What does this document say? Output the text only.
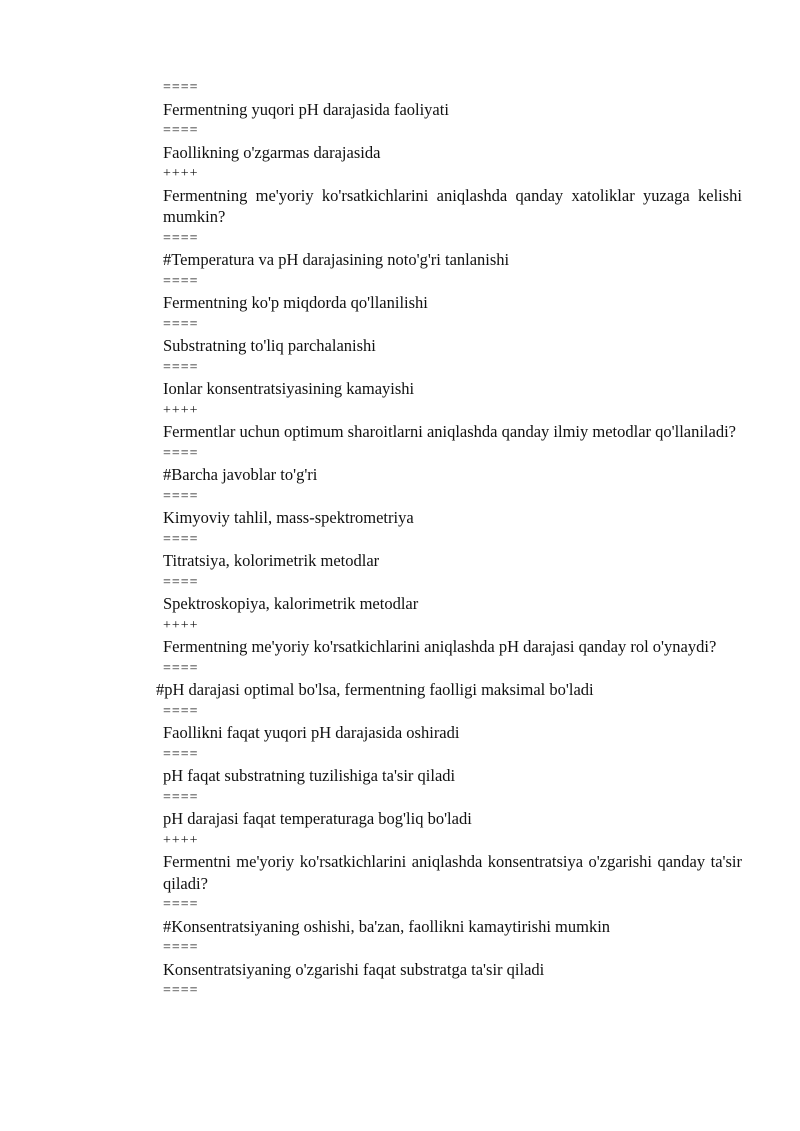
====
Fermentning yuqori pH darajasida faoliyati
====
Faollikning o'zgarmas darajasida
++++
Fermentning me'yoriy ko'rsatkichlarini aniqlashda qanday xatoliklar yuzaga kelishi mumkin?
====
#Temperatura va pH darajasining noto'g'ri tanlanishi
====
Fermentning ko'p miqdorda qo'llanilishi
====
Substratning to'liq parchalanishi
====
Ionlar konsentratsiyasining kamayishi
++++
Fermentlar uchun optimum sharoitlarni aniqlashda qanday ilmiy metodlar qo'llaniladi?
====
#Barcha javoblar to'g'ri
====
Kimyoviy tahlil, mass-spektrometriya
====
Titratsiya, kolorimetrik metodlar
====
Spektroskopiya, kalorimetrik metodlar
++++
Fermentning me'yoriy ko'rsatkichlarini aniqlashda pH darajasi qanday rol o'ynaydi?
====
#pH darajasi optimal bo'lsa, fermentning faolligi maksimal bo'ladi
====
Faollikni faqat yuqori pH darajasida oshiradi
====
pH faqat substratning tuzilishiga ta'sir qiladi
====
pH darajasi faqat temperaturaga bog'liq bo'ladi
++++
Fermentni me'yoriy ko'rsatkichlarini aniqlashda konsentratsiya o'zgarishi qanday ta'sir qiladi?
====
#Konsentratsiyaning oshishi, ba'zan, faollikni kamaytirishi mumkin
====
Konsentratsiyaning o'zgarishi faqat substratga ta'sir qiladi
====
